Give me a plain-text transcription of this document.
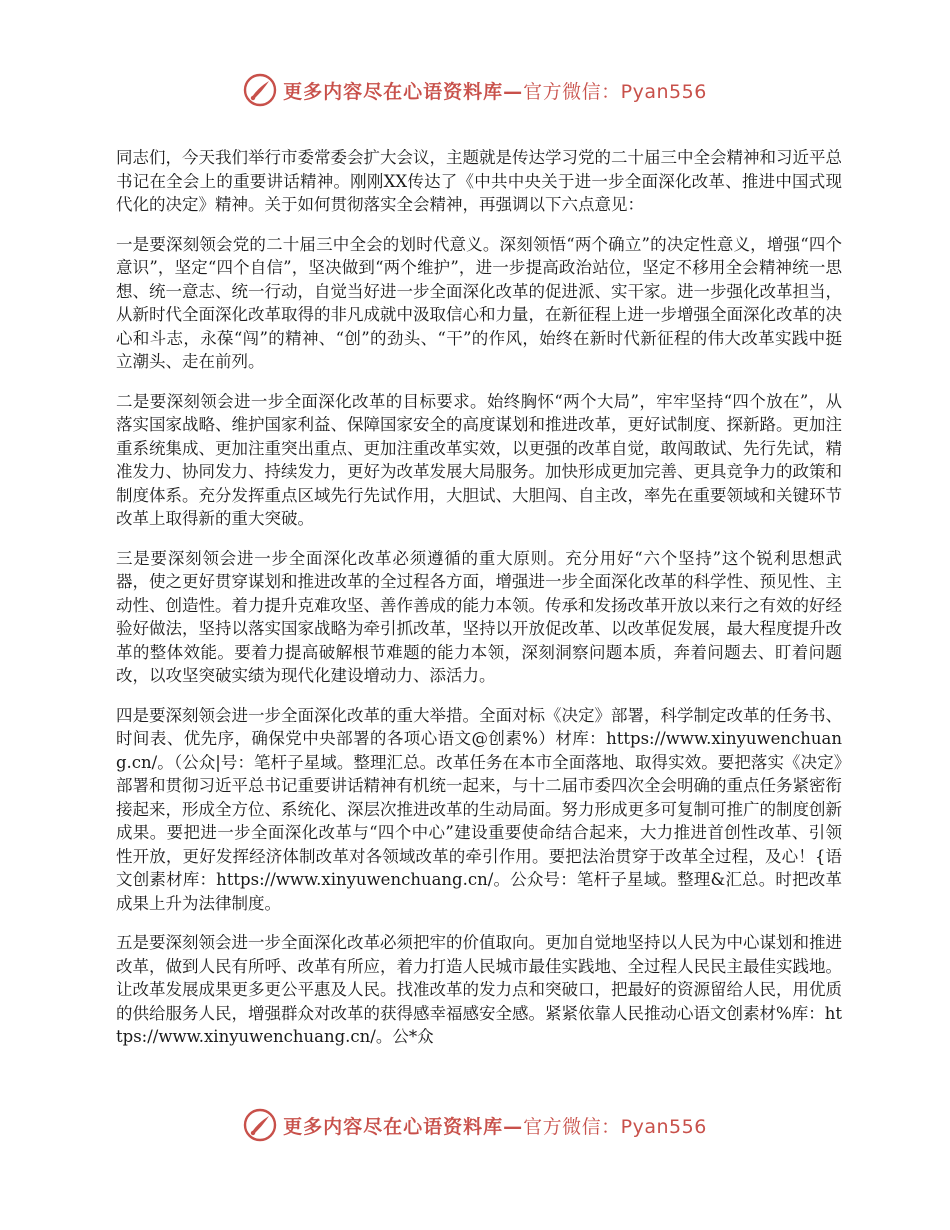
更多内容尽在心语资料库—官方微信：Pyan556

同志们，今天我们举行市委常委会扩大会议，主题就是传达学习党的二十届三中全会精神和习近平总书记在全会上的重要讲话精神。刚刚XX传达了《中共中央关于进一步全面深化改革、推进中国式现代化的决定》精神。关于如何贯彻落实全会精神，再强调以下六点意见：

一是要深刻领会党的二十届三中全会的划时代意义。深刻领悟“两个确立”的决定性意义，增强“四个意识”，坚定“四个自信”，坚决做到“两个维护”，进一步提高政治站位，坚定不移用全会精神统一思想、统一意志、统一行动，自觉当好进一步全面深化改革的促进派、实干家。进一步强化改革担当，从新时代全面深化改革取得的非凡成就中汲取信心和力量，在新征程上进一步增强全面深化改革的决心和斗志，永葆“闯”的精神、“创”的劲头、“干”的作风，始终在新时代新征程的伟大改革实践中挺立潮头、走在前列。

二是要深刻领会进一步全面深化改革的目标要求。始终胸怀“两个大局”，牢牢坚持“四个放在”，从落实国家战略、维护国家利益、保障国家安全的高度谋划和推进改革，更好试制度、探新路。更加注重系统集成、更加注重突出重点、更加注重改革实效，以更强的改革自觉，敢闯敢试、先行先试，精准发力、协同发力、持续发力，更好为改革发展大局服务。加快形成更加完善、更具竞争力的政策和制度体系。充分发挥重点区域先行先试作用，大胆试、大胆闯、自主改，率先在重要领域和关键环节改革上取得新的重大突破。

三是要深刻领会进一步全面深化改革必须遵循的重大原则。充分用好“六个坚持”这个锐利思想武器，使之更好贯穿谋划和推进改革的全过程各方面，增强进一步全面深化改革的科学性、预见性、主动性、创造性。着力提升克难攻坚、善作善成的能力本领。传承和发扬改革开放以来行之有效的好经验好做法，坚持以落实国家战略为牵引抓改革，坚持以开放促改革、以改革促发展，最大程度提升改革的整体效能。要着力提高破解根节难题的能力本领，深刻洞察问题本质，奔着问题去、盯着问题改，以攻坚突破实绩为现代化建设增动力、添活力。

四是要深刻领会进一步全面深化改革的重大举措。全面对标《决定》部署，科学制定改革的任务书、时间表、优先序，确保党中央部署的各项心语文@创素%）材库：https://www.xinyuwenchuang.cn/。（公众|号：笔杆子星域。整理汇总。改革任务在本市全面落地、取得实效。要把落实《决定》部署和贯彻习近平总书记重要讲话精神有机统一起来，与十二届市委四次全会明确的重点任务紧密衔接起来，形成全方位、系统化、深层次推进改革的生动局面。努力形成更多可复制可推广的制度创新成果。要把进一步全面深化改革与“四个中心”建设重要使命结合起来，大力推进首创性改革、引领性开放，更好发挥经济体制改革对各领域改革的牵引作用。要把法治贯穿于改革全过程，及心！{语文创素材库：https://www.xinyuwenchuang.cn/。公众号：笔杆子星域。整理&汇总。时把改革成果上升为法律制度。

五是要深刻领会进一步全面深化改革必须把牢的价值取向。更加自觉地坚持以人民为中心谋划和推进改革，做到人民有所呼、改革有所应，着力打造人民城市最佳实践地、全过程人民民主最佳实践地。让改革发展成果更多更公平惠及人民。找准改革的发力点和突破口，把最好的资源留给人民，用优质的供给服务人民，增强群众对改革的获得感幸福感安全感。紧紧依靠人民推动心语文创素材%库：https://www.xinyuwenchuang.cn/。公*众

更多内容尽在心语资料库—官方微信：Pyan556
